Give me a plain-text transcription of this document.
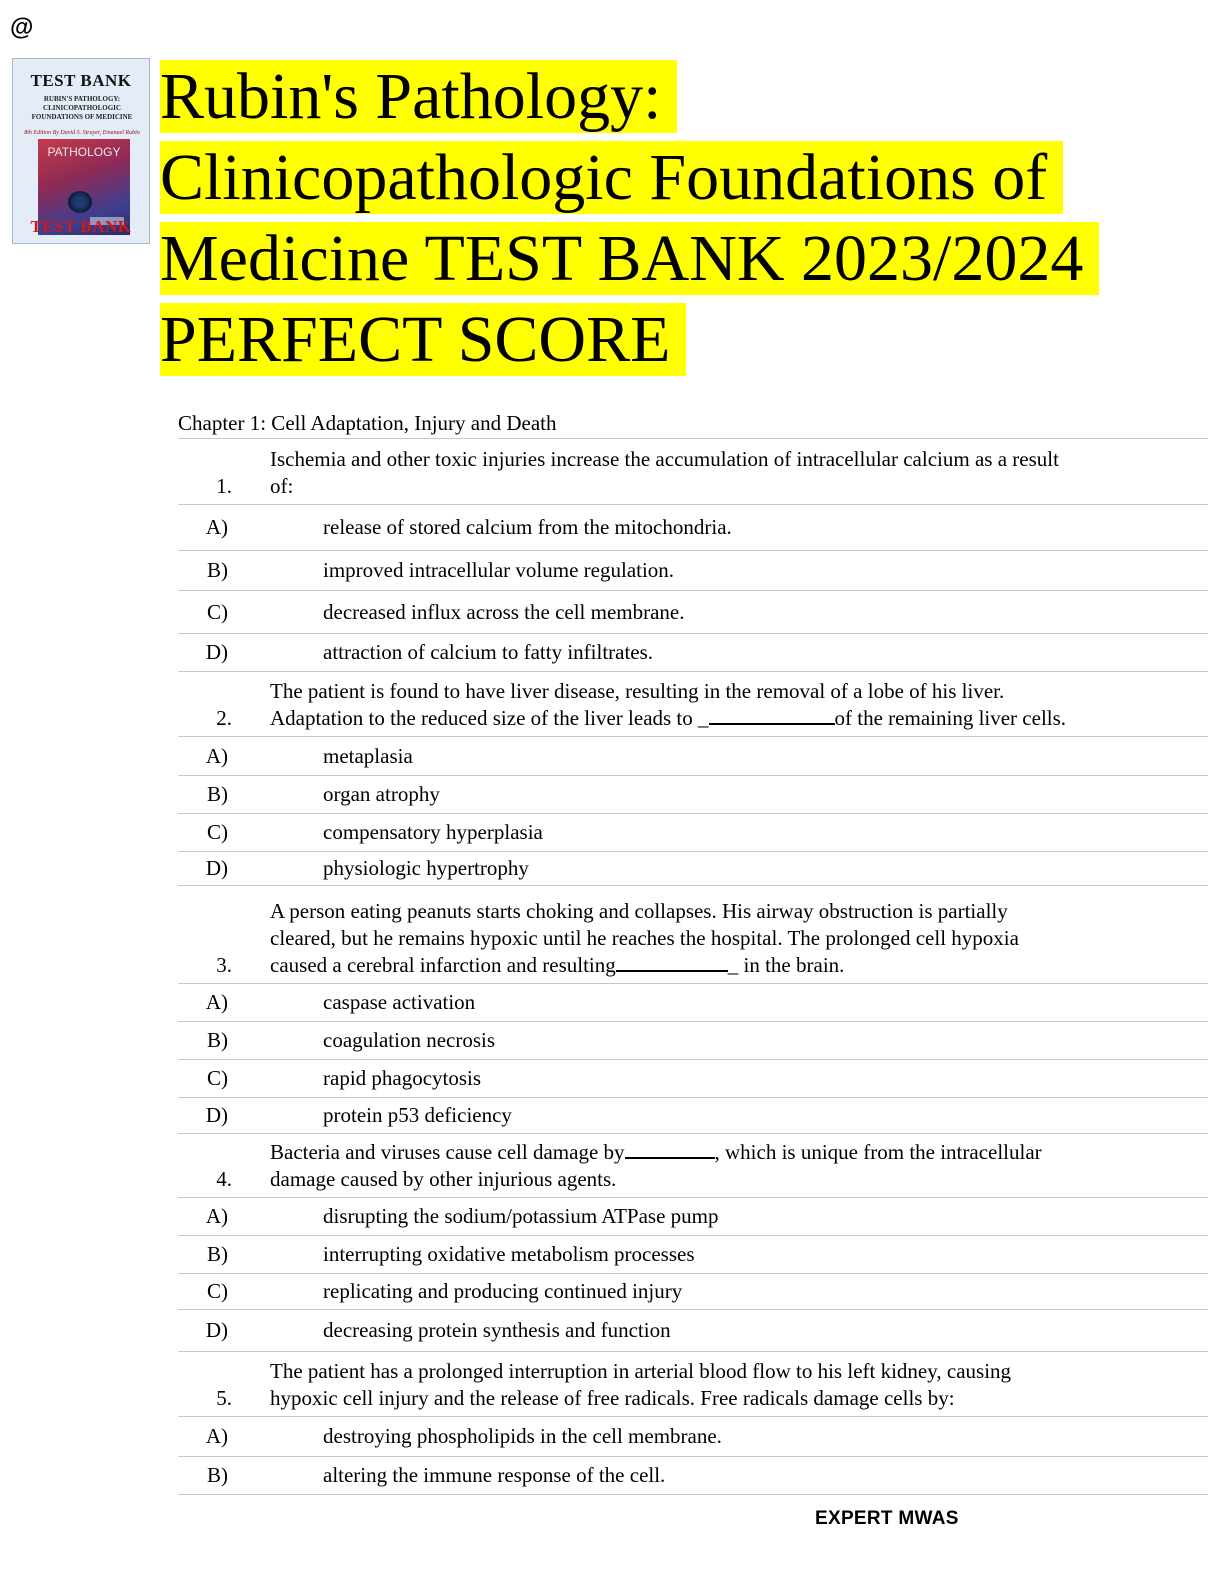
@
TEST BANK
RUBIN'S PATHOLOGY:
CLINICOPATHOLOGIC
FOUNDATIONS OF MEDICINE
8th Edition By David S. Strayer, Emanuel Rubin
PATHOLOGY
TEST BANK
Rubin's Pathology:
Clinicopathologic Foundations of
Medicine TEST BANK 2023/2024
PERFECT SCORE
Chapter 1: Cell Adaptation, Injury and Death
1.
Ischemia and other toxic injuries increase the accumulation of intracellular calcium as a result
of:
A)	release of stored calcium from the mitochondria.
B)	improved intracellular volume regulation.
C)	decreased influx across the cell membrane.
D)	attraction of calcium to fatty infiltrates.
2.
The patient is found to have liver disease, resulting in the removal of a lobe of his liver.
Adaptation to the reduced size of the liver leads to _	of the remaining liver cells.
A)	metaplasia
B)	organ atrophy
C)	compensatory hyperplasia
D)	physiologic hypertrophy
3.
A person eating peanuts starts choking and collapses. His airway obstruction is partially
cleared, but he remains hypoxic until he reaches the hospital. The prolonged cell hypoxia
caused a cerebral infarction and resulting	_ in the brain.
A)	caspase activation
B)	coagulation necrosis
C)	rapid phagocytosis
D)	protein p53 deficiency
4.
Bacteria and viruses cause cell damage by	, which is unique from the intracellular
damage caused by other injurious agents.
A)	disrupting the sodium/potassium ATPase pump
B)	interrupting oxidative metabolism processes
C)	replicating and producing continued injury
D)	decreasing protein synthesis and function
5.
The patient has a prolonged interruption in arterial blood flow to his left kidney, causing
hypoxic cell injury and the release of free radicals. Free radicals damage cells by:
A)	destroying phospholipids in the cell membrane.
B)	altering the immune response of the cell.
EXPERT MWAS
